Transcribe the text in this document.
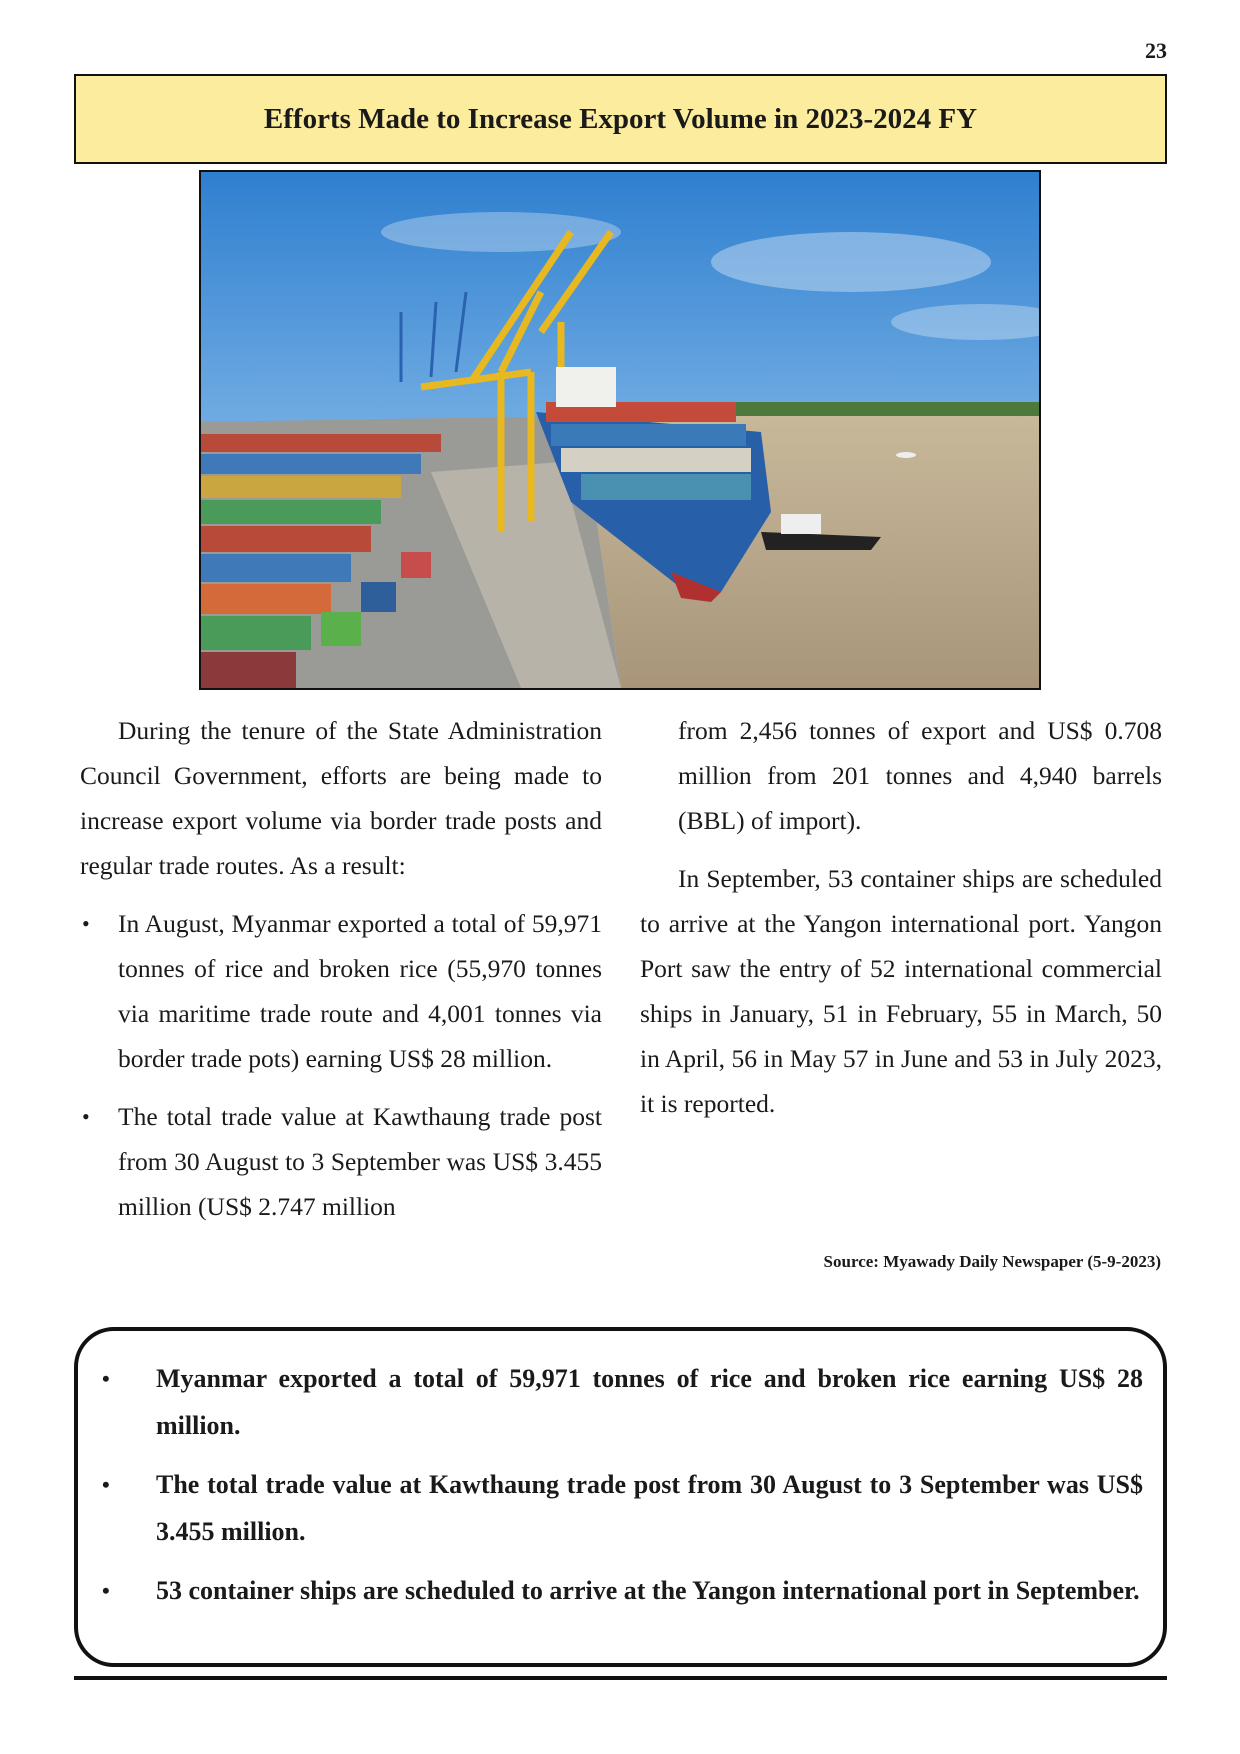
23
Efforts Made to Increase Export Volume in 2023-2024 FY

During the tenure of the State Administration Council Government, efforts are being made to increase export volume via border trade posts and regular trade routes. As a result:

• In August, Myanmar exported a total of 59,971 tonnes of rice and broken rice (55,970 tonnes via maritime trade route and 4,001 tonnes via border trade pots) earning US$ 28 million.
• The total trade value at Kawthaung trade post from 30 August to 3 September was US$ 3.455 million (US$ 2.747 million

from 2,456 tonnes of export and US$ 0.708 million from 201 tonnes and 4,940 barrels (BBL) of import).

In September, 53 container ships are scheduled to arrive at the Yangon international port. Yangon Port saw the entry of 52 international commercial ships in January, 51 in February, 55 in March, 50 in April, 56 in May 57 in June and 53 in July 2023, it is reported.

Source: Myawady Daily Newspaper (5-9-2023)
• Myanmar exported a total of 59,971 tonnes of rice and broken rice earning US$ 28 million.
• The total trade value at Kawthaung trade post from 30 August to 3 September was US$ 3.455 million.
• 53 container ships are scheduled to arrive at the Yangon international port in September.
